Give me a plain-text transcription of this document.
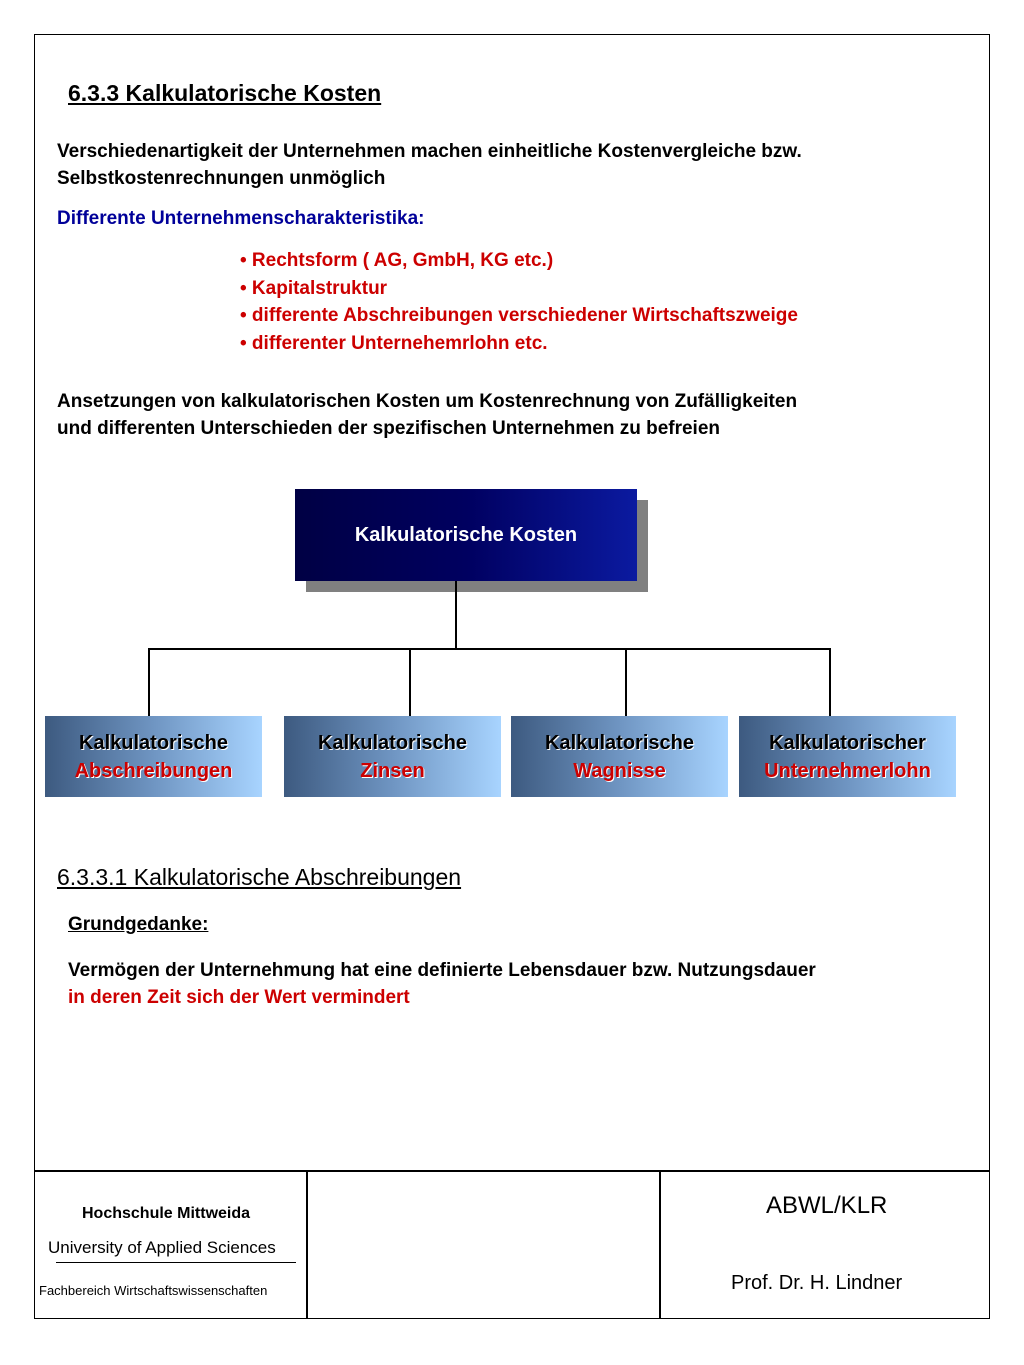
6.3.3 Kalkulatorische Kosten
Verschiedenartigkeit der Unternehmen machen einheitliche Kostenvergleiche bzw.
Selbstkostenrechnungen unmöglich
Differente Unternehmenscharakteristika:
• Rechtsform ( AG, GmbH, KG etc.)
• Kapitalstruktur
• differente Abschreibungen verschiedener Wirtschaftszweige
• differenter Unternehemrlohn etc.
Ansetzungen von kalkulatorischen Kosten um Kostenrechnung von Zufälligkeiten
und differenten Unterschieden der spezifischen Unternehmen zu befreien
Kalkulatorische Kosten
Kalkulatorische
Abschreibungen
Kalkulatorische
Zinsen
Kalkulatorische
Wagnisse
Kalkulatorischer
Unternehmerlohn
6.3.3.1 Kalkulatorische Abschreibungen
Grundgedanke:
Vermögen der Unternehmung hat eine definierte Lebensdauer bzw. Nutzungsdauer
in deren Zeit sich der Wert vermindert
Hochschule Mittweida
University of Applied Sciences
Fachbereich Wirtschaftswissenschaften
ABWL/KLR
Prof. Dr. H. Lindner
